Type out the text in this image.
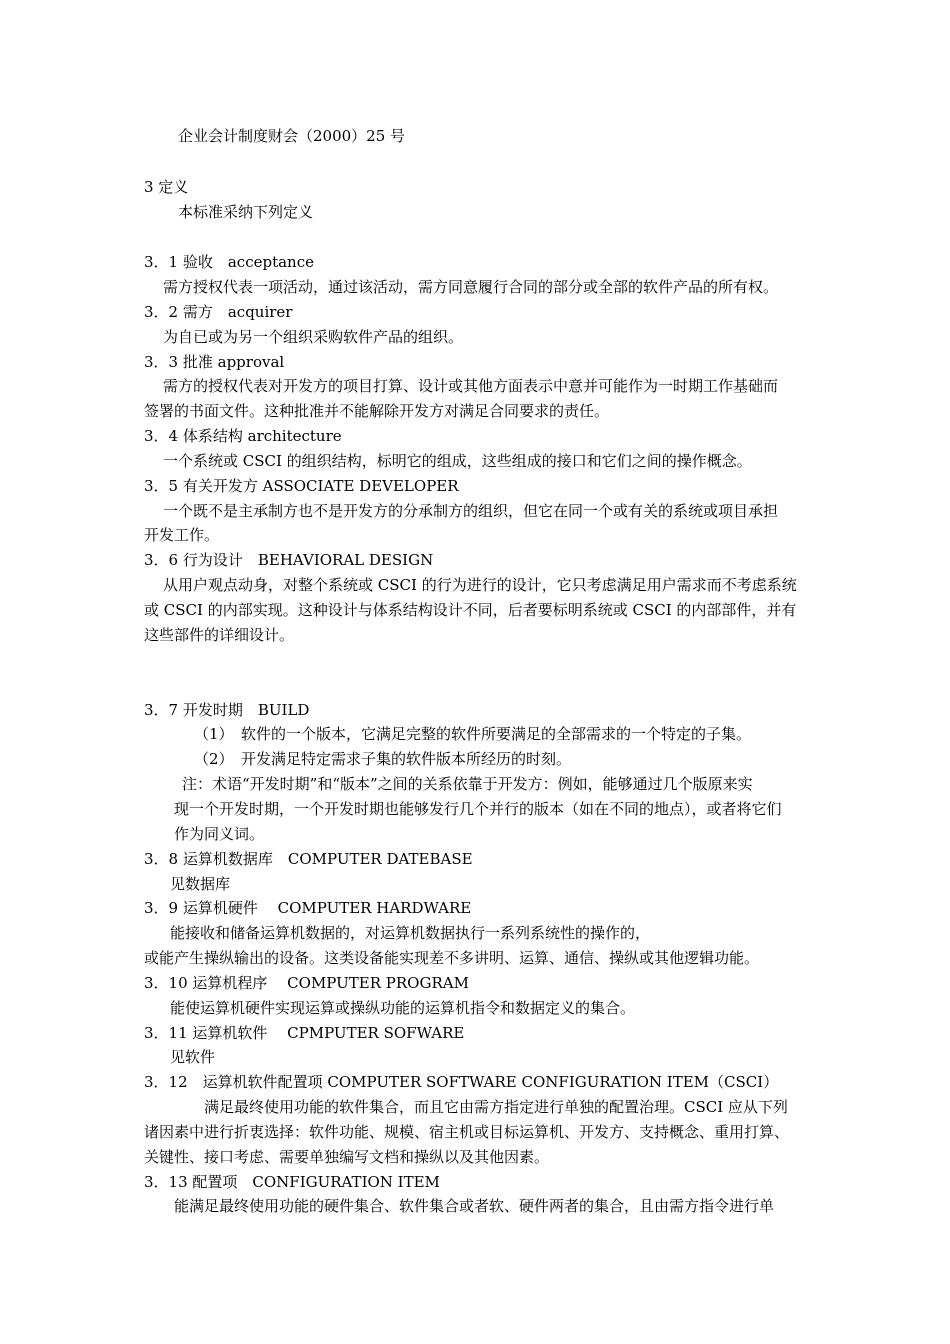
企业会计制度财会（2000）25 号
3 定义
本标准采纳下列定义
3．1 验收　acceptance
需方授权代表一项活动，通过该活动，需方同意履行合同的部分或全部的软件产品的所有权。
3．2 需方　acquirer
为自已或为另一个组织采购软件产品的组织。
3．3 批准 approval
需方的授权代表对开发方的项目打算、设计或其他方面表示中意并可能作为一时期工作基础而
签署的书面文件。这种批准并不能解除开发方对满足合同要求的责任。
3．4 体系结构 architecture
一个系统或 CSCI 的组织结构，标明它的组成，这些组成的接口和它们之间的操作概念。
3．5 有关开发方 ASSOCIATE DEVELOPER
一个既不是主承制方也不是开发方的分承制方的组织，但它在同一个或有关的系统或项目承担
开发工作。
3．6 行为设计　BEHAVIORAL DESIGN
从用户观点动身，对整个系统或 CSCI 的行为进行的设计，它只考虑满足用户需求而不考虑系统
或 CSCI 的内部实现。这种设计与体系结构设计不同，后者要标明系统或 CSCI 的内部部件，并有
这些部件的详细设计。
3．7 开发时期　BUILD
（1）　软件的一个版本，它满足完整的软件所要满足的全部需求的一个特定的子集。
（2）　开发满足特定需求子集的软件版本所经历的时刻。
注：术语“开发时期”和“版本”之间的关系依靠于开发方：例如，能够通过几个版原来实
现一个开发时期，一个开发时期也能够发行几个并行的版本（如在不同的地点），或者将它们
作为同义词。
3．8 运算机数据库　COMPUTER DATEBASE
见数据库
3．9 运算机硬件　 COMPUTER HARDWARE
能接收和储备运算机数据的，对运算机数据执行一系列系统性的操作的，
或能产生操纵输出的设备。这类设备能实现差不多讲明、运算、通信、操纵或其他逻辑功能。
3．10 运算机程序　 COMPUTER PROGRAM
能使运算机硬件实现运算或操纵功能的运算机指令和数据定义的集合。
3．11 运算机软件　 CPMPUTER SOFWARE
见软件
3．12　运算机软件配置项 COMPUTER SOFTWARE CONFIGURATION ITEM（CSCI）
满足最终使用功能的软件集合，而且它由需方指定进行单独的配置治理。CSCI 应从下列
诸因素中进行折衷选择：软件功能、规模、宿主机或目标运算机、开发方、支持概念、重用打算、
关键性、接口考虑、需要单独编写文档和操纵以及其他因素。
3．13 配置项　CONFIGURATION ITEM
能满足最终使用功能的硬件集合、软件集合或者软、硬件两者的集合，且由需方指令进行单
